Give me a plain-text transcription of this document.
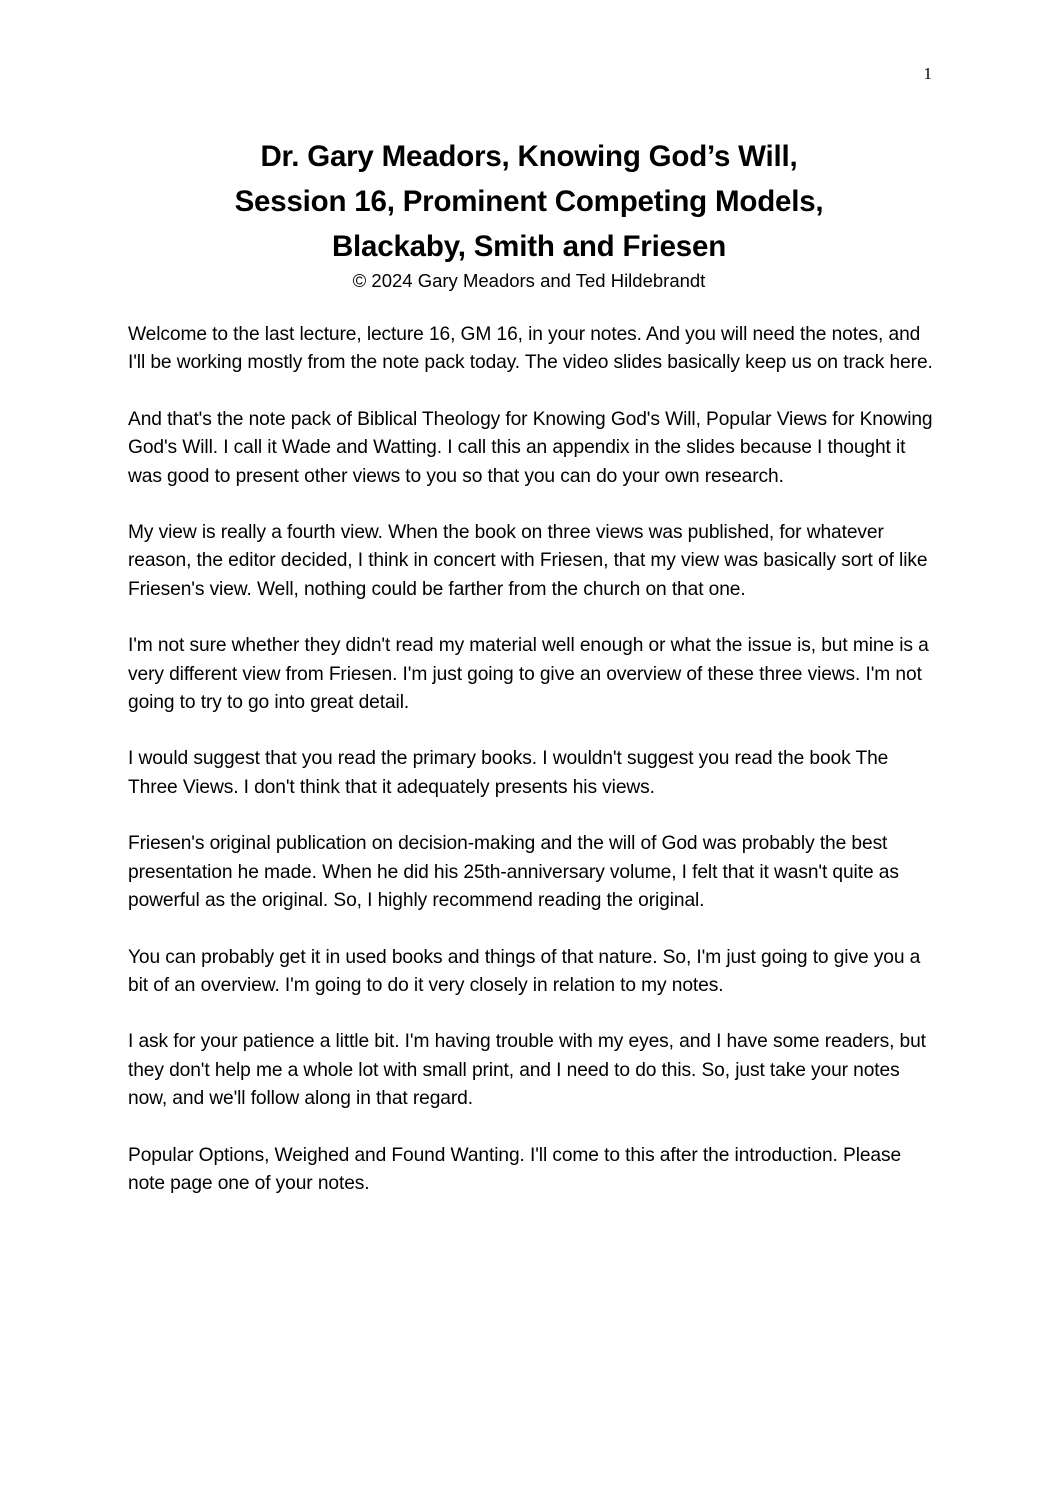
1
Dr. Gary Meadors, Knowing God’s Will,
Session 16, Prominent Competing Models,
Blackaby, Smith and Friesen
© 2024 Gary Meadors and Ted Hildebrandt

Welcome to the last lecture, lecture 16, GM 16, in your notes. And you will need the notes, and I'll be working mostly from the note pack today. The video slides basically keep us on track here.

And that's the note pack of Biblical Theology for Knowing God's Will, Popular Views for Knowing God's Will. I call it Wade and Watting. I call this an appendix in the slides because I thought it was good to present other views to you so that you can do your own research.

My view is really a fourth view. When the book on three views was published, for whatever reason, the editor decided, I think in concert with Friesen, that my view was basically sort of like Friesen's view. Well, nothing could be farther from the church on that one.

I'm not sure whether they didn't read my material well enough or what the issue is, but mine is a very different view from Friesen. I'm just going to give an overview of these three views. I'm not going to try to go into great detail.

I would suggest that you read the primary books. I wouldn't suggest you read the book The Three Views. I don't think that it adequately presents his views.

Friesen's original publication on decision-making and the will of God was probably the best presentation he made. When he did his 25th-anniversary volume, I felt that it wasn't quite as powerful as the original. So, I highly recommend reading the original.

You can probably get it in used books and things of that nature. So, I'm just going to give you a bit of an overview. I'm going to do it very closely in relation to my notes.

I ask for your patience a little bit. I'm having trouble with my eyes, and I have some readers, but they don't help me a whole lot with small print, and I need to do this. So, just take your notes now, and we'll follow along in that regard.

Popular Options, Weighed and Found Wanting. I'll come to this after the introduction. Please note page one of your notes.
